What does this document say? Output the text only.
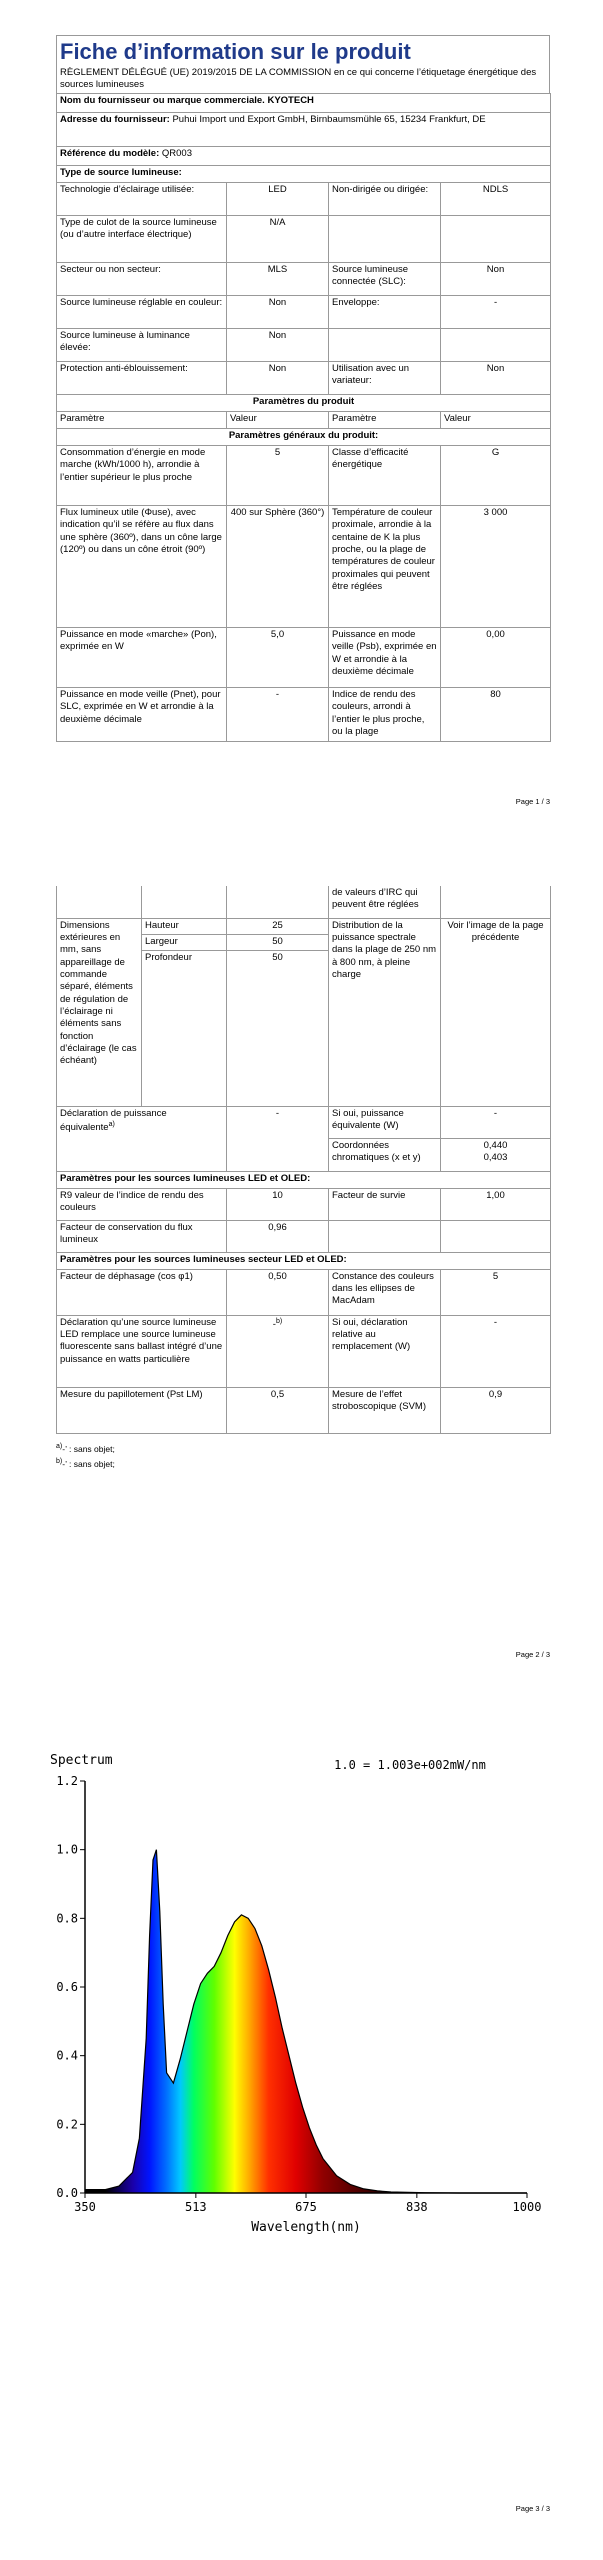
Fiche d’information sur le produit
RÈGLEMENT DÉLÉGUÉ (UE) 2019/2015 DE LA COMMISSION en ce qui concerne l’étiquetage énergétique des sources lumineuses
Nom du fournisseur ou marque commerciale. KYOTECH			
Adresse du fournisseur: Puhui Import und Export GmbH, Birnbaumsmühle 65, 15234 Frankfurt, DE			
Référence du modèle: QR003			
Type de source lumineuse:			
Technologie d’éclairage utilisée:	LED	Non-dirigée ou dirigée:	NDLS
Type de culot de la source lumineuse (ou d’autre interface électrique)	N/A		
Secteur ou non secteur:	MLS	Source lumineuse connectée (SLC):	Non
Source lumineuse réglable en couleur:	Non	Enveloppe:	-
Source lumineuse à luminance élevée:	Non		
Protection anti-éblouissement:	Non	Utilisation avec un variateur:	Non
Paramètres du produit			
Paramètre	Valeur	Paramètre	Valeur
Paramètres généraux du produit:			
Consommation d’énergie en mode marche (kWh/1000 h), arrondie à l’entier supérieur le plus proche	5	Classe d’efficacité énergétique	G
Flux lumineux utile (Φuse), avec indication qu’il se réfère au flux dans une sphère (360º), dans un cône large (120º) ou dans un cône étroit (90º)	400 sur Sphère (360°)	Température de couleur proximale, arrondie à la centaine de K la plus proche, ou la plage de températures de couleur proximales qui peuvent être réglées	3 000
Puissance en mode «marche» (Pon), exprimée en W	5,0	Puissance en mode veille (Psb), exprimée en W et arrondie à la deuxième décimale	0,00
Puissance en mode veille (Pnet), pour SLC, exprimée en W et arrondie à la deuxième décimale	-	Indice de rendu des couleurs, arrondi à l’entier le plus proche, ou la plage	80
Page 1 / 3
			de valeurs d’IRC qui peuvent être réglées	
Dimensions extérieures en mm, sans appareillage de commande séparé, éléments de régulation de l’éclairage ni éléments sans fonction d’éclairage (le cas échéant)	Hauteur	25	Distribution de la puissance spectrale dans la plage de 250 nm à 800 nm, à pleine charge	Voir l’image de la page précédente
	Largeur	50		
	Profondeur	50		
Déclaration de puissance équivalente$^{a)}$		-	Si oui, puissance équivalente (W)	-
			Coordonnées chromatiques (x et y)	0,440
0,403

Paramètres pour les sources lumineuses LED et OLED:				
R9 valeur de l’indice de rendu des couleurs		10	Facteur de survie	1,00
Facteur de conservation du flux lumineux		0,96		
Paramètres pour les sources lumineuses secteur LED et OLED:				
Facteur de déphasage (cos φ1)		0,50	Constance des couleurs dans les ellipses de MacAdam	5
Déclaration qu’une source lumineuse LED remplace une source lumineuse fluorescente sans ballast intégré d’une puissance en watts particulière		-$^{b)}$	Si oui, déclaration relative au remplacement (W)	-
Mesure du papillotement (Pst LM)		0,5	Mesure de l’effet stroboscopique (SVM)	0,9
$^{a)}$-’ : sans objet;
$^{b)}$-’ : sans objet;
Page 2 / 3
Spectrum	1.0 = 1.003e+002mW/nm
0.0
0.2
0.4
0.6
0.8
1.0
1.2
350	513	675	838	1000
Wavelength(nm)
Page 3 / 3
